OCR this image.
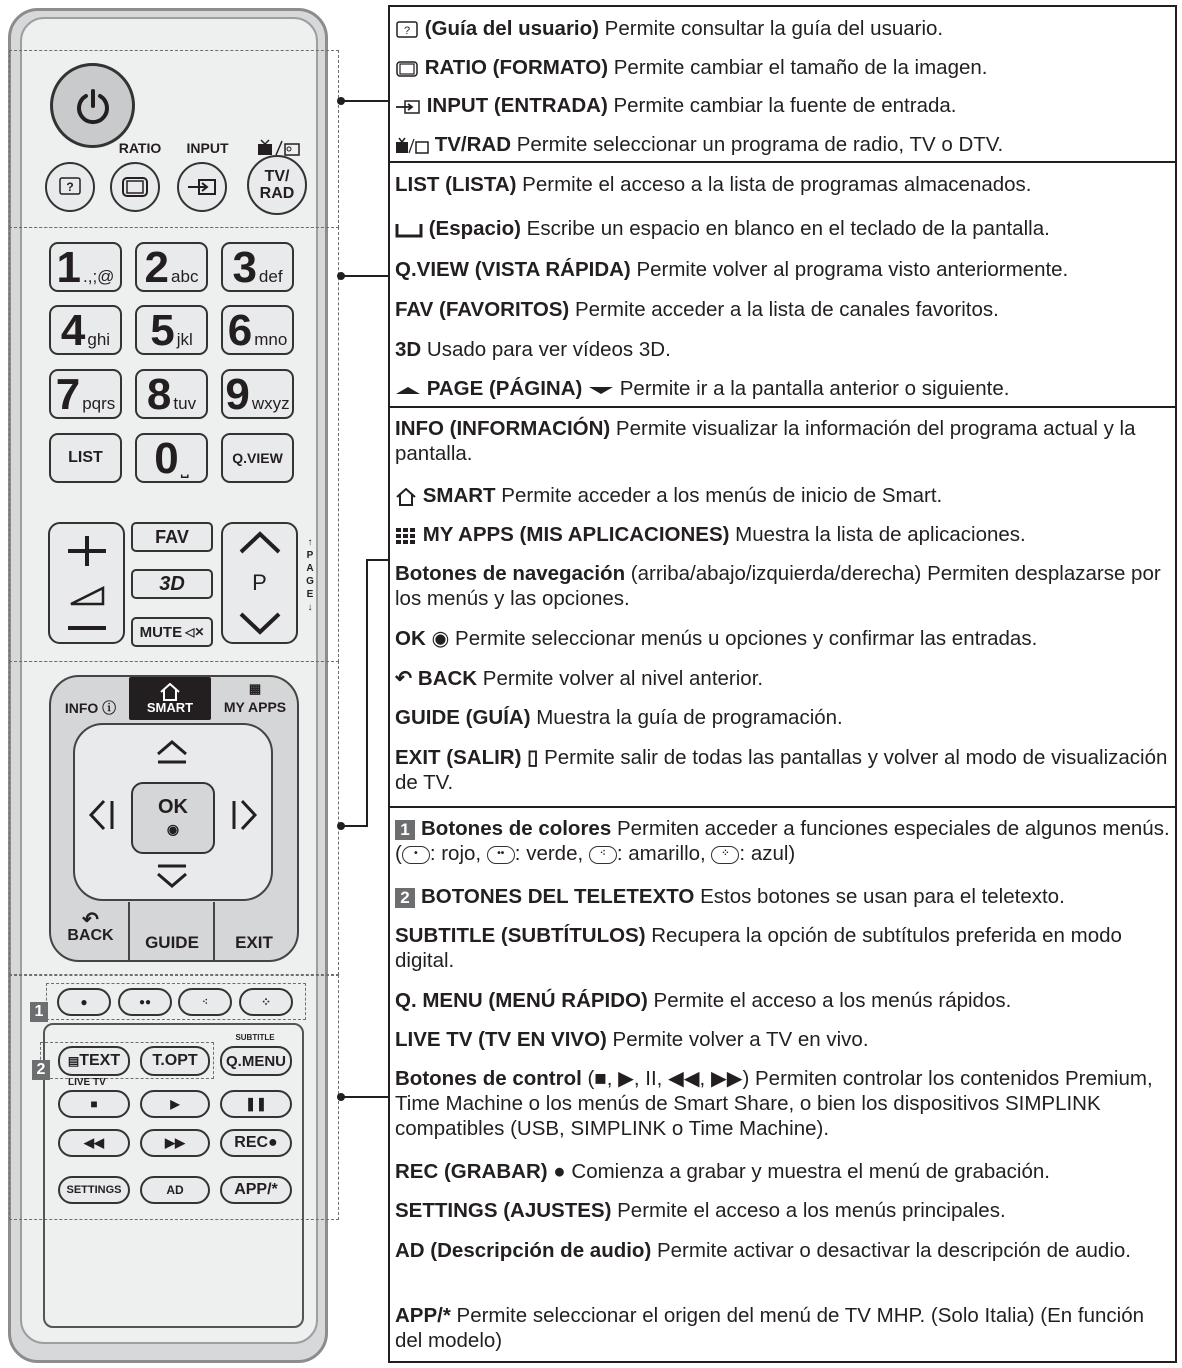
RATIO	INPUT
?
TV/
RAD
1 .,;@ 2 abc 3 def
4 ghi 5 jkl 6 mno
7 pqrs 8 tuv 9 wxyz
LIST	0 ⎵	Q.VIEW
FAV
3D
MUTE ◁✕
P
↑
PAGE
↓
INFO ⓘ	SMART
▦
MY APPS
OK
◉
↶
BACK	GUIDE	EXIT
1
●	●●	⁖	⁘
2	▤ TEXT	T.OPT
SUBTITLE
Q.MENU
LIVE TV
■	▶	❚❚
◀◀	▶▶	REC ●
SETTINGS	AD	APP/*
? (Guía del usuario) Permite consultar la guía del usuario.
RATIO (FORMATO) Permite cambiar el tamaño de la imagen.
INPUT (ENTRADA) Permite cambiar la fuente de entrada.
TV/RAD Permite seleccionar un programa de radio, TV o DTV.
LIST (LISTA) Permite el acceso a la lista de programas almacenados.
(Espacio) Escribe un espacio en blanco en el teclado de la pantalla.
Q.VIEW (VISTA RÁPIDA) Permite volver al programa visto anteriormente.
FAV (FAVORITOS) Permite acceder a la lista de canales favoritos.
3D Usado para ver vídeos 3D.
PAGE (PÁGINA)  Permite ir a la pantalla anterior o siguiente.
INFO (INFORMACIÓN) Permite visualizar la información del programa actual y la pantalla.
SMART Permite acceder a los menús de inicio de Smart.
MY APPS (MIS APLICACIONES) Muestra la lista de aplicaciones.
Botones de navegación (arriba/abajo/izquierda/derecha) Permiten desplazarse por los menús y las opciones.
OK ◉ Permite seleccionar menús u opciones y confirmar las entradas.
↶ BACK Permite volver al nivel anterior.
GUIDE (GUÍA) Muestra la guía de programación.
EXIT (SALIR) ▯ Permite salir de todas las pantallas y volver al modo de visualización de TV.
1 Botones de colores Permiten acceder a funciones especiales de algunos menús. ( • : rojo, •• : verde, ⁖ : amarillo, ⁘ : azul)
2 BOTONES DEL TELETEXTO Estos botones se usan para el teletexto.
SUBTITLE (SUBTÍTULOS) Recupera la opción de subtítulos preferida en modo digital.
Q. MENU (MENÚ RÁPIDO) Permite el acceso a los menús rápidos.
LIVE TV (TV EN VIVO) Permite volver a TV en vivo.
Botones de control (■, ▶, II, ◀◀, ▶▶) Permiten controlar los contenidos Premium, Time Machine o los menús de Smart Share, o bien los dispositivos SIMPLINK compatibles (USB, SIMPLINK o Time Machine).
REC (GRABAR) ● Comienza a grabar y muestra el menú de grabación.
SETTINGS (AJUSTES) Permite el acceso a los menús principales.
AD (Descripción de audio) Permite activar o desactivar la descripción de audio.
APP/* Permite seleccionar el origen del menú de TV MHP. (Solo Italia) (En función del modelo)
